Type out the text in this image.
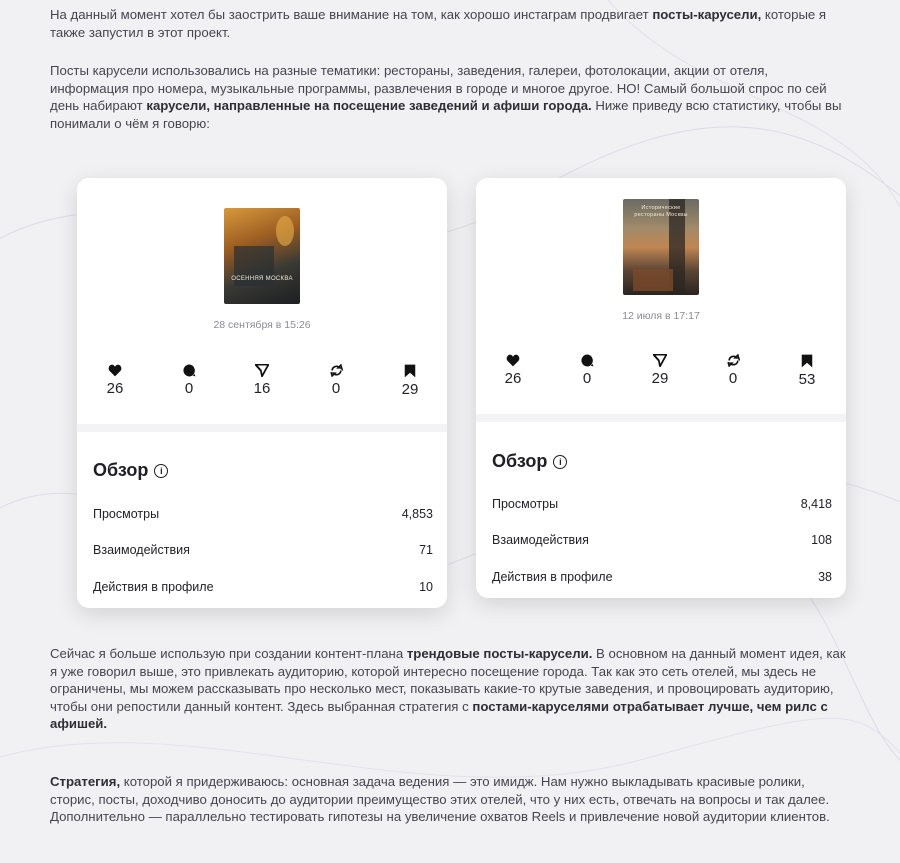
На данный момент хотел бы заострить ваше внимание на том, как хорошо инстаграм продвигает посты-карусели, которые я также запустил в этот проект.

Посты карусели использовались на разные тематики: рестораны, заведения, галереи, фотолокации, акции от отеля, информация про номера, музыкальные программы, развлечения в городе и многое другое. НО! Самый большой спрос по сей день набирают карусели, направленные на посещение заведений и афиши города. Ниже приведу всю статистику, чтобы вы понимали о чём я говорю:

ОСЕННЯЯ МОСКВА
28 сентября в 15:26
26	0	16	0	29
Обзор i
Просмотры	4,853
Взаимодействия	71
Действия в профиле	10
Исторические рестораны Москвы
12 июля в 17:17
26	0	29	0	53
Обзор i
Просмотры	8,418
Взаимодействия	108
Действия в профиле	38

Сейчас я больше использую при создании контент-плана трендовые посты-карусели. В основном на данный момент идея, как я уже говорил выше, это привлекать аудиторию, которой интересно посещение города. Так как это сеть отелей, мы здесь не ограничены, мы можем рассказывать про несколько мест, показывать какие-то крутые заведения, и провоцировать аудиторию, чтобы они репостили данный контент. Здесь выбранная стратегия с постами-каруселями отрабатывает лучше, чем рилс с афишей.

Стратегия, которой я придерживаюсь: основная задача ведения — это имидж. Нам нужно выкладывать красивые ролики, сторис, посты, доходчиво доносить до аудитории преимущество этих отелей, что у них есть, отвечать на вопросы и так далее. Дополнительно — параллельно тестировать гипотезы на увеличение охватов Reels и привлечение новой аудитории клиентов.
